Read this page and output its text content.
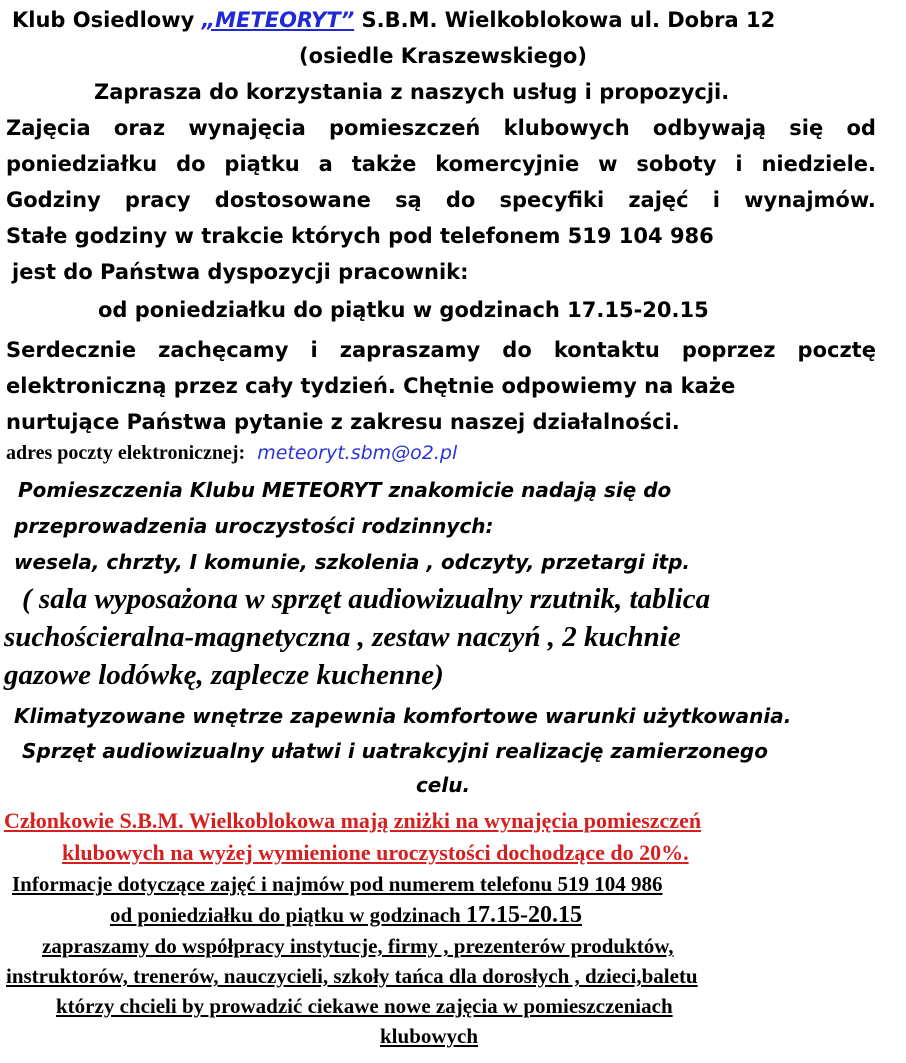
Klub Osiedlowy „METEORYT” S.B.M. Wielkoblokowa ul. Dobra 12
(osiedle Kraszewskiego)
Zaprasza do korzystania z naszych usług i propozycji.
Zajęcia oraz wynajęcia pomieszczeń klubowych odbywają się od
poniedziałku do piątku a także komercyjnie w soboty i niedziele.
Godziny pracy dostosowane są do specyfiki zajęć i wynajmów.
Stałe godziny w trakcie których pod telefonem 519 104 986
jest do Państwa dyspozycji pracownik:
od poniedziałku do piątku w godzinach 17.15-20.15
Serdecznie zachęcamy i zapraszamy do kontaktu poprzez pocztę
elektroniczną przez cały tydzień. Chętnie odpowiemy na każe
nurtujące Państwa pytanie z zakresu naszej działalności.
adres poczty elektronicznej: meteoryt.sbm@o2.pl
Pomieszczenia Klubu METEORYT znakomicie nadają się do
przeprowadzenia uroczystości rodzinnych:
wesela, chrzty, I komunie, szkolenia , odczyty, przetargi itp.
( sala wyposażona w sprzęt audiowizualny rzutnik, tablica
suchościeralna-magnetyczna , zestaw naczyń , 2 kuchnie
gazowe lodówkę, zaplecze kuchenne)
Klimatyzowane wnętrze zapewnia komfortowe warunki użytkowania.
Sprzęt audiowizualny ułatwi i uatrakcyjni realizację zamierzonego
celu.
Członkowie S.B.M. Wielkoblokowa mają zniżki na wynajęcia pomieszczeń
klubowych na wyżej wymienione uroczystości dochodzące do 20%.
Informacje dotyczące zajęć i najmów pod numerem telefonu 519 104 986
od poniedziałku do piątku w godzinach 17.15-20.15
zapraszamy do współpracy instytucje, firmy , prezenterów produktów,
instruktorów, trenerów, nauczycieli, szkoły tańca dla dorosłych , dzieci,baletu
którzy chcieli by prowadzić ciekawe nowe zajęcia w pomieszczeniach
klubowych
